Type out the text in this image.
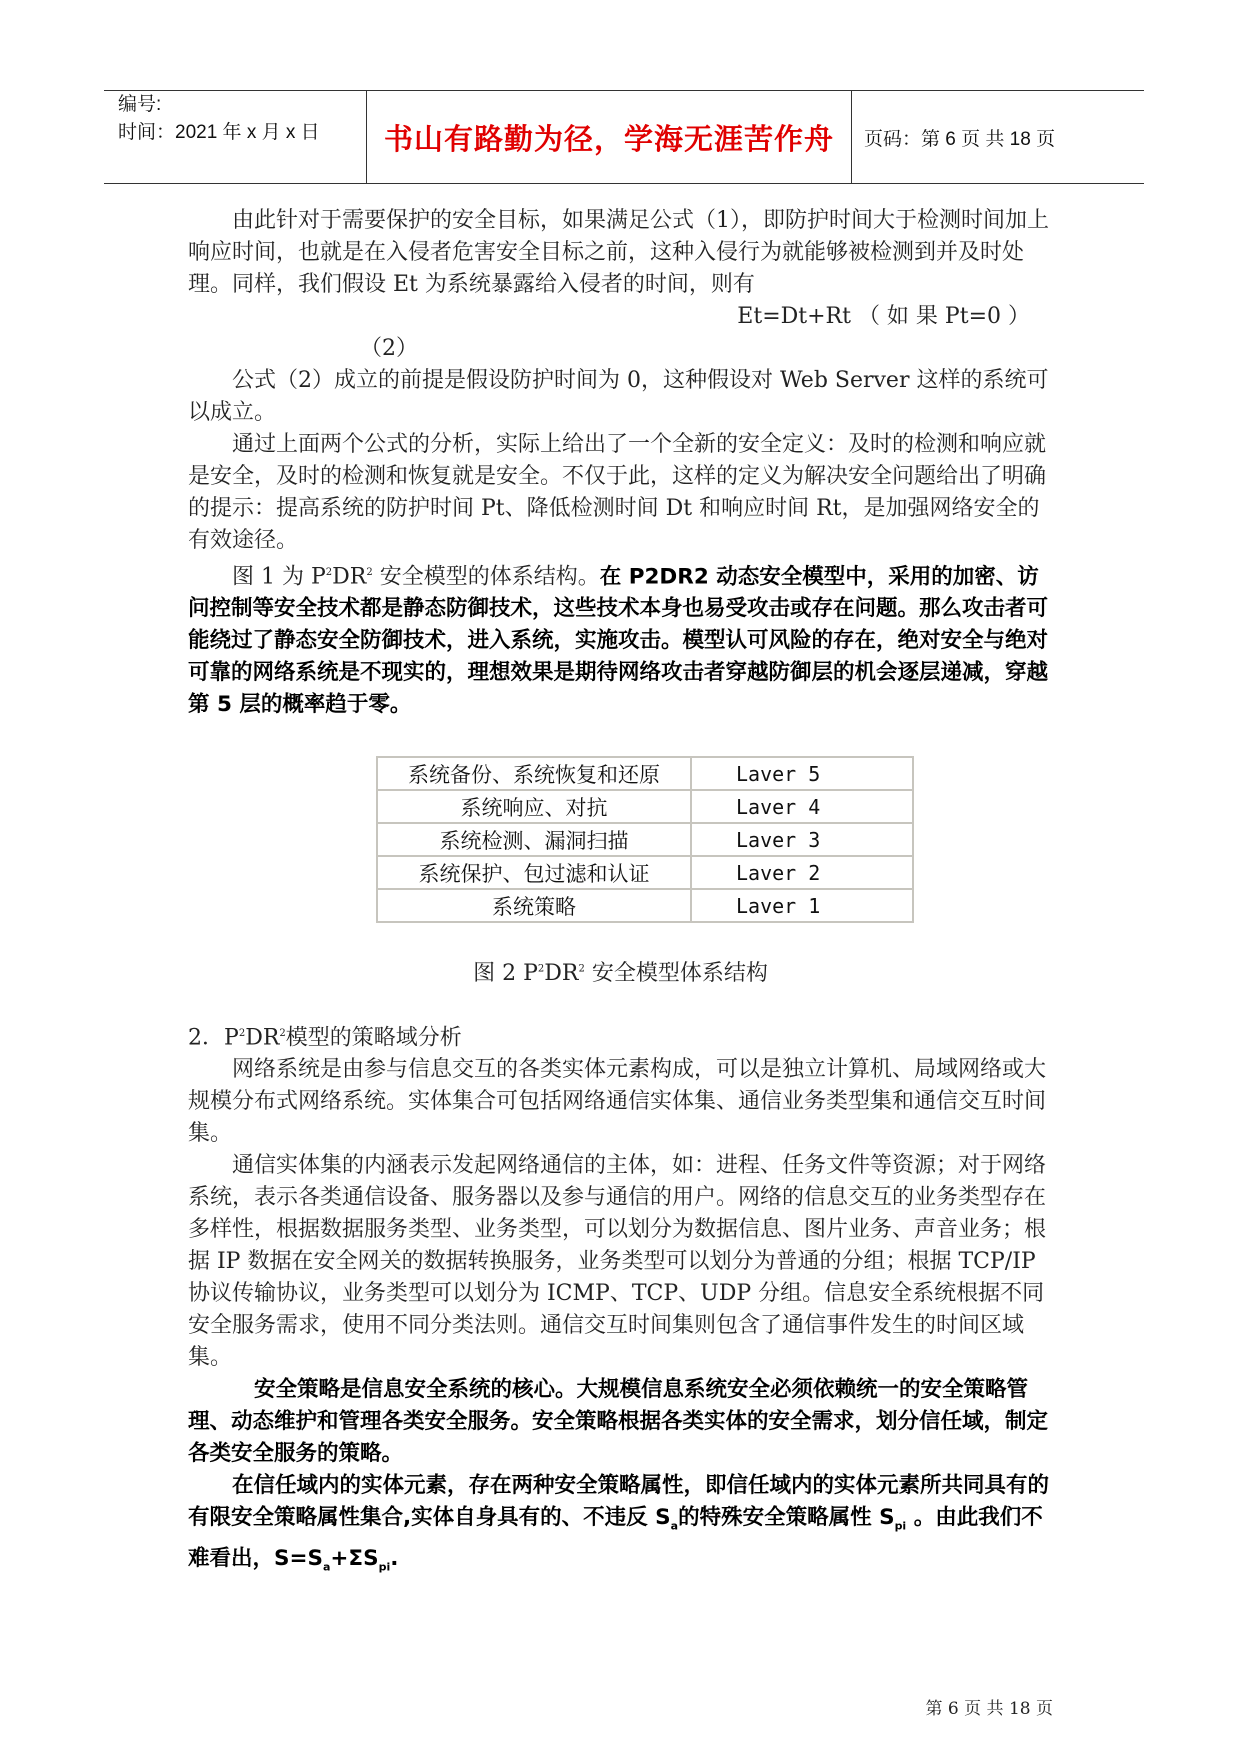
编号:
时间：2021 年 x 月 x 日	书山有路勤为径，学海无涯苦作舟	页码：第 6 页 共 18 页

由此针对于需要保护的安全目标，如果满足公式（1），即防护时间大于检测时间加上响应时间，也就是在入侵者危害安全目标之前，这种入侵行为就能够被检测到并及时处理。同样，我们假设 Et 为系统暴露给入侵者的时间，则有

Et=Dt+Rt （ 如 果 Pt=0 ）

（2）

公式（2）成立的前提是假设防护时间为 0，这种假设对 Web Server 这样的系统可以成立。

通过上面两个公式的分析，实际上给出了一个全新的安全定义：及时的检测和响应就是安全，及时的检测和恢复就是安全。不仅于此，这样的定义为解决安全问题给出了明确的提示：提高系统的防护时间 Pt、降低检测时间 Dt 和响应时间 Rt，是加强网络安全的有效途径。

图 1 为 $P^2DR^2$ 安全模型的体系结构。在 P2DR2 动态安全模型中，采用的加密、访问控制等安全技术都是静态防御技术，这些技术本身也易受攻击或存在问题。那么攻击者可能绕过了静态安全防御技术，进入系统，实施攻击。模型认可风险的存在，绝对安全与绝对可靠的网络系统是不现实的，理想效果是期待网络攻击者穿越防御层的机会逐层递减，穿越第 5 层的概率趋于零。

系统备份、系统恢复和还原	Laver 5
系统响应、对抗	Laver 4
系统检测、漏洞扫描	Laver 3
系统保护、包过滤和认证	Laver 2
系统策略	Laver 1
图 2 $P^2DR^2$ 安全模型体系结构

2．$P^2DR^2$模型的策略域分析

网络系统是由参与信息交互的各类实体元素构成，可以是独立计算机、局域网络或大规模分布式网络系统。实体集合可包括网络通信实体集、通信业务类型集和通信交互时间集。

通信实体集的内涵表示发起网络通信的主体，如：进程、任务文件等资源；对于网络系统，表示各类通信设备、服务器以及参与通信的用户。网络的信息交互的业务类型存在多样性，根据数据服务类型、业务类型，可以划分为数据信息、图片业务、声音业务；根据 IP 数据在安全网关的数据转换服务，业务类型可以划分为普通的分组；根据 TCP/IP 协议传输协议，业务类型可以划分为 ICMP、TCP、UDP 分组。信息安全系统根据不同安全服务需求，使用不同分类法则。通信交互时间集则包含了通信事件发生的时间区域集。

安全策略是信息安全系统的核心。大规模信息系统安全必须依赖统一的安全策略管理、动态维护和管理各类安全服务。安全策略根据各类实体的安全需求，划分信任域，制定各类安全服务的策略。

在信任域内的实体元素，存在两种安全策略属性，即信任域内的实体元素所共同具有的有限安全策略属性集合,实体自身具有的、不违反 $S_a$的特殊安全策略属性 $S_{pi}$ 。由此我们不难看出，$S=S_a+\Sigma S_{pi}$.

第 6 页 共 18 页
